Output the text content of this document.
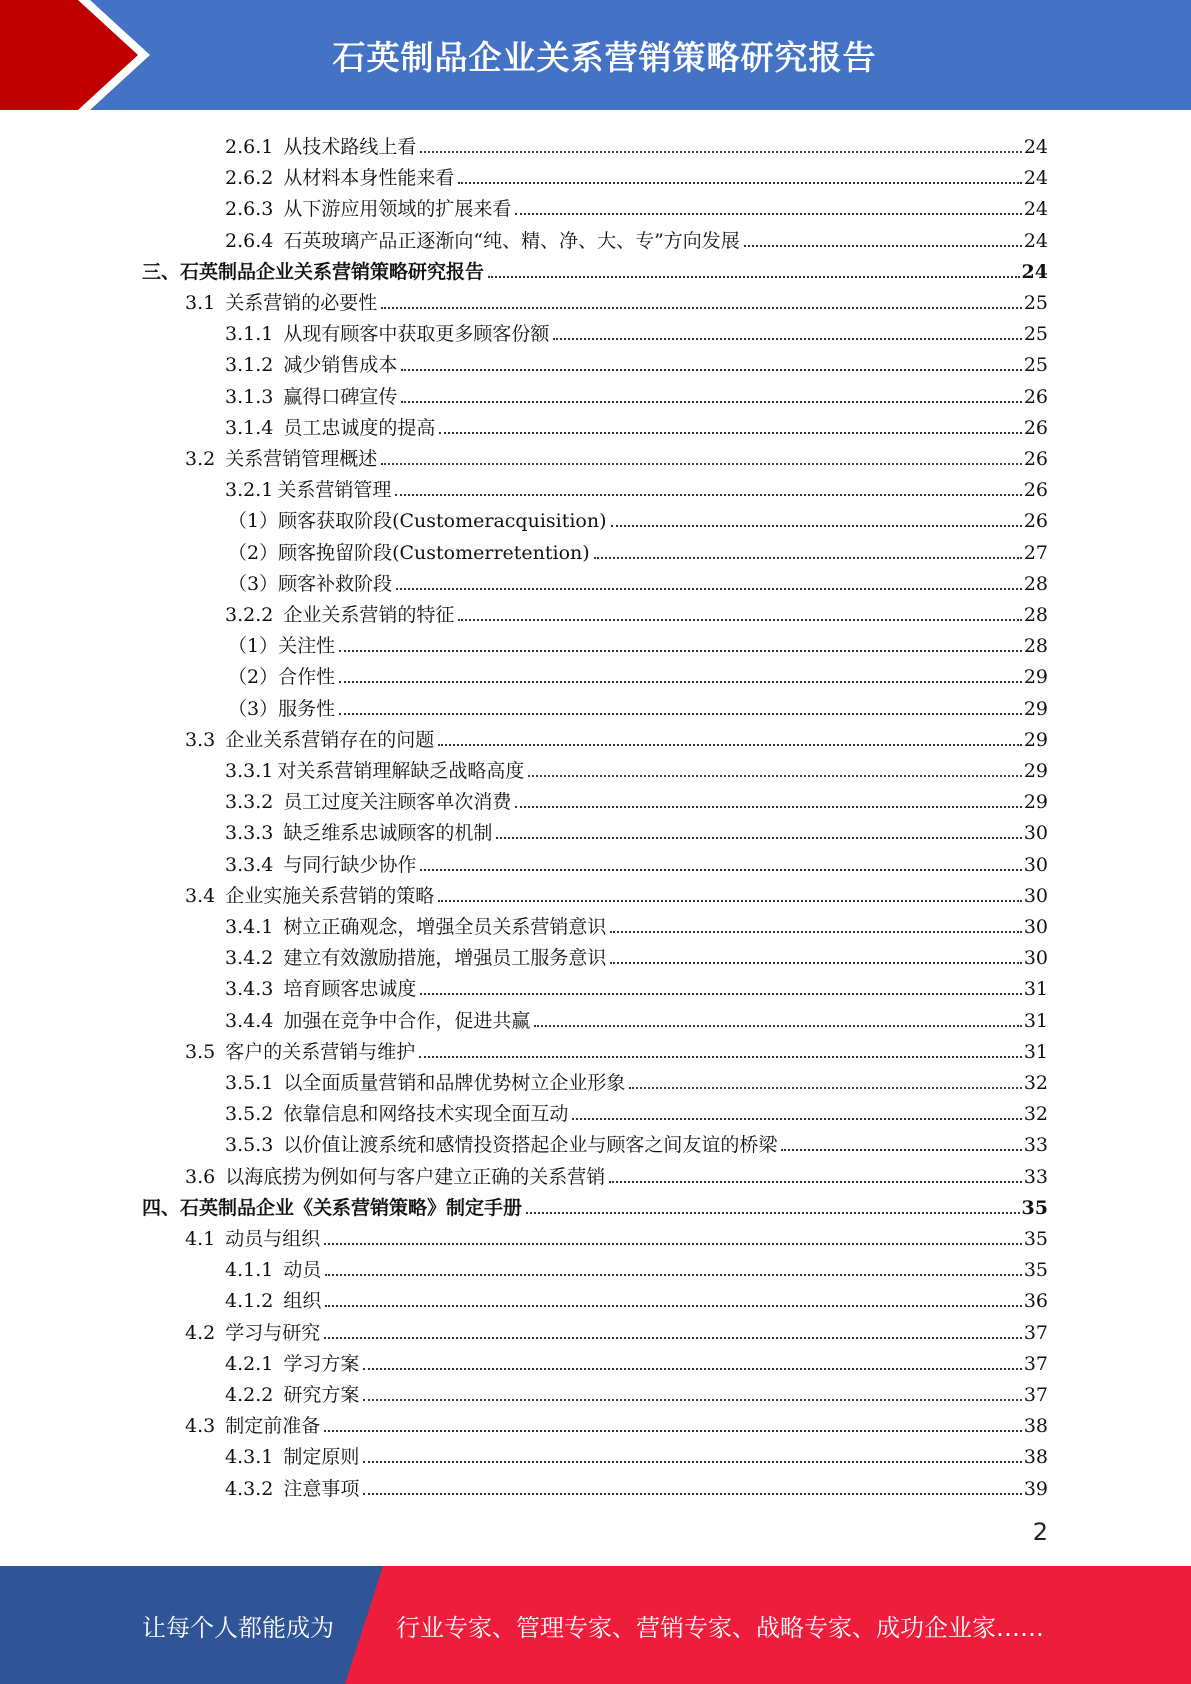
石英制品企业关系营销策略研究报告
2.6.1 从技术路线上看	24
2.6.2 从材料本身性能来看	24
2.6.3 从下游应用领域的扩展来看	24
2.6.4 石英玻璃产品正逐渐向“纯、精、净、大、专”方向发展	24
三、 石英制品企业关系营销策略研究报告	24
3.1 关系营销的必要性	25
3.1.1 从现有顾客中获取更多顾客份额	25
3.1.2 减少销售成本	25
3.1.3 赢得口碑宣传	26
3.1.4 员工忠诚度的提高	26
3.2 关系营销管理概述	26
3.2.1 关系营销管理	26
（1） 顾客获取阶段(Customeracquisition)	26
（2） 顾客挽留阶段(Customerretention)	27
（3） 顾客补救阶段	28
3.2.2 企业关系营销的特征	28
（1） 关注性	28
（2） 合作性	29
（3） 服务性	29
3.3 企业关系营销存在的问题	29
3.3.1 对关系营销理解缺乏战略高度	29
3.3.2 员工过度关注顾客单次消费	29
3.3.3 缺乏维系忠诚顾客的机制	30
3.3.4 与同行缺少协作	30
3.4 企业实施关系营销的策略	30
3.4.1 树立正确观念，增强全员关系营销意识	30
3.4.2 建立有效激励措施，增强员工服务意识	30
3.4.3 培育顾客忠诚度	31
3.4.4 加强在竞争中合作，促进共赢	31
3.5 客户的关系营销与维护	31
3.5.1 以全面质量营销和品牌优势树立企业形象	32
3.5.2 依靠信息和网络技术实现全面互动	32
3.5.3 以价值让渡系统和感情投资搭起企业与顾客之间友谊的桥梁	33
3.6 以海底捞为例如何与客户建立正确的关系营销	33
四、 石英制品企业《关系营销策略》制定手册	35
4.1 动员与组织	35
4.1.1 动员	35
4.1.2 组织	36
4.2 学习与研究	37
4.2.1 学习方案	37
4.2.2 研究方案	37
4.3 制定前准备	38
4.3.1 制定原则	38
4.3.2 注意事项	39
2
让每个人都能成为	行业专家、管理专家、营销专家、战略专家、成功企业家……
